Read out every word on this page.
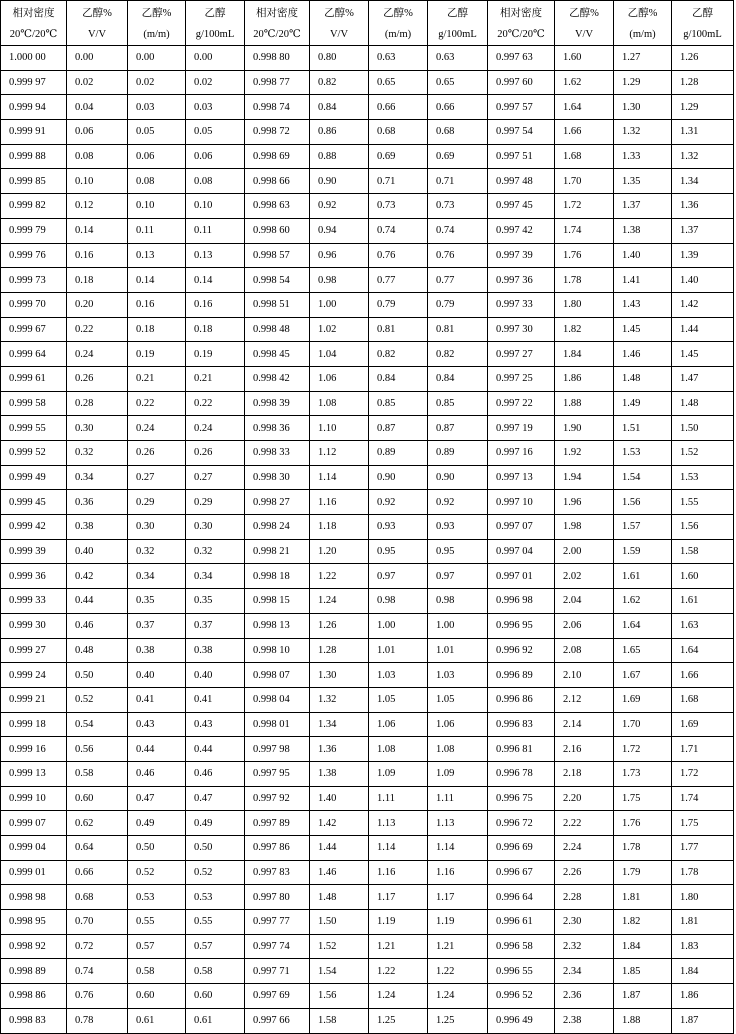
相对密度	乙醇%	乙醇%	乙醇	相对密度	乙醇%	乙醇%	乙醇	相对密度	乙醇%	乙醇%	乙醇
20℃/20℃	V/V	(m/m)	g/100mL	20℃/20℃	V/V	(m/m)	g/100mL	20℃/20℃	V/V	(m/m)	g/100mL
1.000 00	0.00	0.00	0.00	0.998 80	0.80	0.63	0.63	0.997 63	1.60	1.27	1.26
0.999 97	0.02	0.02	0.02	0.998 77	0.82	0.65	0.65	0.997 60	1.62	1.29	1.28
0.999 94	0.04	0.03	0.03	0.998 74	0.84	0.66	0.66	0.997 57	1.64	1.30	1.29
0.999 91	0.06	0.05	0.05	0.998 72	0.86	0.68	0.68	0.997 54	1.66	1.32	1.31
0.999 88	0.08	0.06	0.06	0.998 69	0.88	0.69	0.69	0.997 51	1.68	1.33	1.32
0.999 85	0.10	0.08	0.08	0.998 66	0.90	0.71	0.71	0.997 48	1.70	1.35	1.34
0.999 82	0.12	0.10	0.10	0.998 63	0.92	0.73	0.73	0.997 45	1.72	1.37	1.36
0.999 79	0.14	0.11	0.11	0.998 60	0.94	0.74	0.74	0.997 42	1.74	1.38	1.37
0.999 76	0.16	0.13	0.13	0.998 57	0.96	0.76	0.76	0.997 39	1.76	1.40	1.39
0.999 73	0.18	0.14	0.14	0.998 54	0.98	0.77	0.77	0.997 36	1.78	1.41	1.40
0.999 70	0.20	0.16	0.16	0.998 51	1.00	0.79	0.79	0.997 33	1.80	1.43	1.42
0.999 67	0.22	0.18	0.18	0.998 48	1.02	0.81	0.81	0.997 30	1.82	1.45	1.44
0.999 64	0.24	0.19	0.19	0.998 45	1.04	0.82	0.82	0.997 27	1.84	1.46	1.45
0.999 61	0.26	0.21	0.21	0.998 42	1.06	0.84	0.84	0.997 25	1.86	1.48	1.47
0.999 58	0.28	0.22	0.22	0.998 39	1.08	0.85	0.85	0.997 22	1.88	1.49	1.48
0.999 55	0.30	0.24	0.24	0.998 36	1.10	0.87	0.87	0.997 19	1.90	1.51	1.50
0.999 52	0.32	0.26	0.26	0.998 33	1.12	0.89	0.89	0.997 16	1.92	1.53	1.52
0.999 49	0.34	0.27	0.27	0.998 30	1.14	0.90	0.90	0.997 13	1.94	1.54	1.53
0.999 45	0.36	0.29	0.29	0.998 27	1.16	0.92	0.92	0.997 10	1.96	1.56	1.55
0.999 42	0.38	0.30	0.30	0.998 24	1.18	0.93	0.93	0.997 07	1.98	1.57	1.56
0.999 39	0.40	0.32	0.32	0.998 21	1.20	0.95	0.95	0.997 04	2.00	1.59	1.58
0.999 36	0.42	0.34	0.34	0.998 18	1.22	0.97	0.97	0.997 01	2.02	1.61	1.60
0.999 33	0.44	0.35	0.35	0.998 15	1.24	0.98	0.98	0.996 98	2.04	1.62	1.61
0.999 30	0.46	0.37	0.37	0.998 13	1.26	1.00	1.00	0.996 95	2.06	1.64	1.63
0.999 27	0.48	0.38	0.38	0.998 10	1.28	1.01	1.01	0.996 92	2.08	1.65	1.64
0.999 24	0.50	0.40	0.40	0.998 07	1.30	1.03	1.03	0.996 89	2.10	1.67	1.66
0.999 21	0.52	0.41	0.41	0.998 04	1.32	1.05	1.05	0.996 86	2.12	1.69	1.68
0.999 18	0.54	0.43	0.43	0.998 01	1.34	1.06	1.06	0.996 83	2.14	1.70	1.69
0.999 16	0.56	0.44	0.44	0.997 98	1.36	1.08	1.08	0.996 81	2.16	1.72	1.71
0.999 13	0.58	0.46	0.46	0.997 95	1.38	1.09	1.09	0.996 78	2.18	1.73	1.72
0.999 10	0.60	0.47	0.47	0.997 92	1.40	1.11	1.11	0.996 75	2.20	1.75	1.74
0.999 07	0.62	0.49	0.49	0.997 89	1.42	1.13	1.13	0.996 72	2.22	1.76	1.75
0.999 04	0.64	0.50	0.50	0.997 86	1.44	1.14	1.14	0.996 69	2.24	1.78	1.77
0.999 01	0.66	0.52	0.52	0.997 83	1.46	1.16	1.16	0.996 67	2.26	1.79	1.78
0.998 98	0.68	0.53	0.53	0.997 80	1.48	1.17	1.17	0.996 64	2.28	1.81	1.80
0.998 95	0.70	0.55	0.55	0.997 77	1.50	1.19	1.19	0.996 61	2.30	1.82	1.81
0.998 92	0.72	0.57	0.57	0.997 74	1.52	1.21	1.21	0.996 58	2.32	1.84	1.83
0.998 89	0.74	0.58	0.58	0.997 71	1.54	1.22	1.22	0.996 55	2.34	1.85	1.84
0.998 86	0.76	0.60	0.60	0.997 69	1.56	1.24	1.24	0.996 52	2.36	1.87	1.86
0.998 83	0.78	0.61	0.61	0.997 66	1.58	1.25	1.25	0.996 49	2.38	1.88	1.87
